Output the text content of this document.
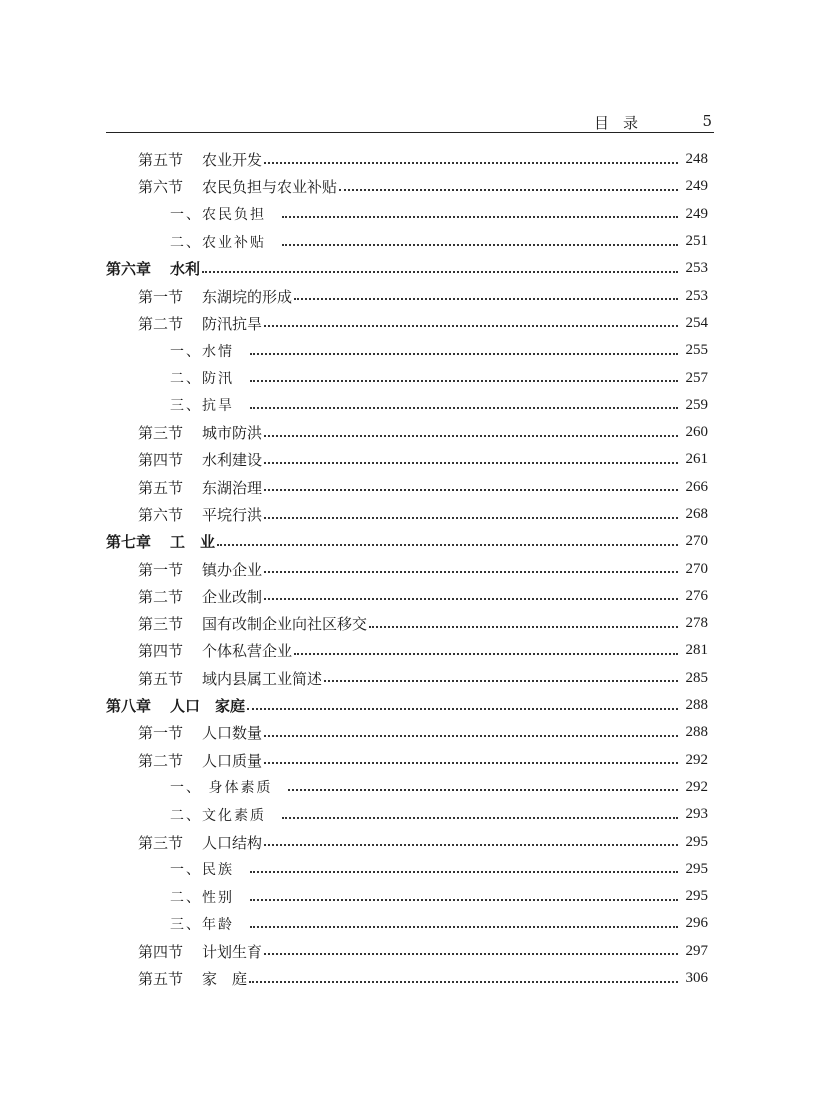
目录	5
第五节	农业开发	248
第六节	农民负担与农业补贴	249
一、农民负担	249
二、农业补贴	251
第六章	水利	253
第一节	东湖垸的形成	253
第二节	防汛抗旱	254
一、水情	255
二、防汛	257
三、抗旱	259
第三节	城市防洪	260
第四节	水利建设	261
第五节	东湖治理	266
第六节	平垸行洪	268
第七章	工　业	270
第一节	镇办企业	270
第二节	企业改制	276
第三节	国有改制企业向社区移交	278
第四节	个体私营企业	281
第五节	域内县属工业简述	285
第八章	人口　家庭	288
第一节	人口数量	288
第二节	人口质量	292
一、 身体素质	292
二、文化素质	293
第三节	人口结构	295
一、民族	295
二、性别	295
三、年龄	296
第四节	计划生育	297
第五节	家　庭	306
